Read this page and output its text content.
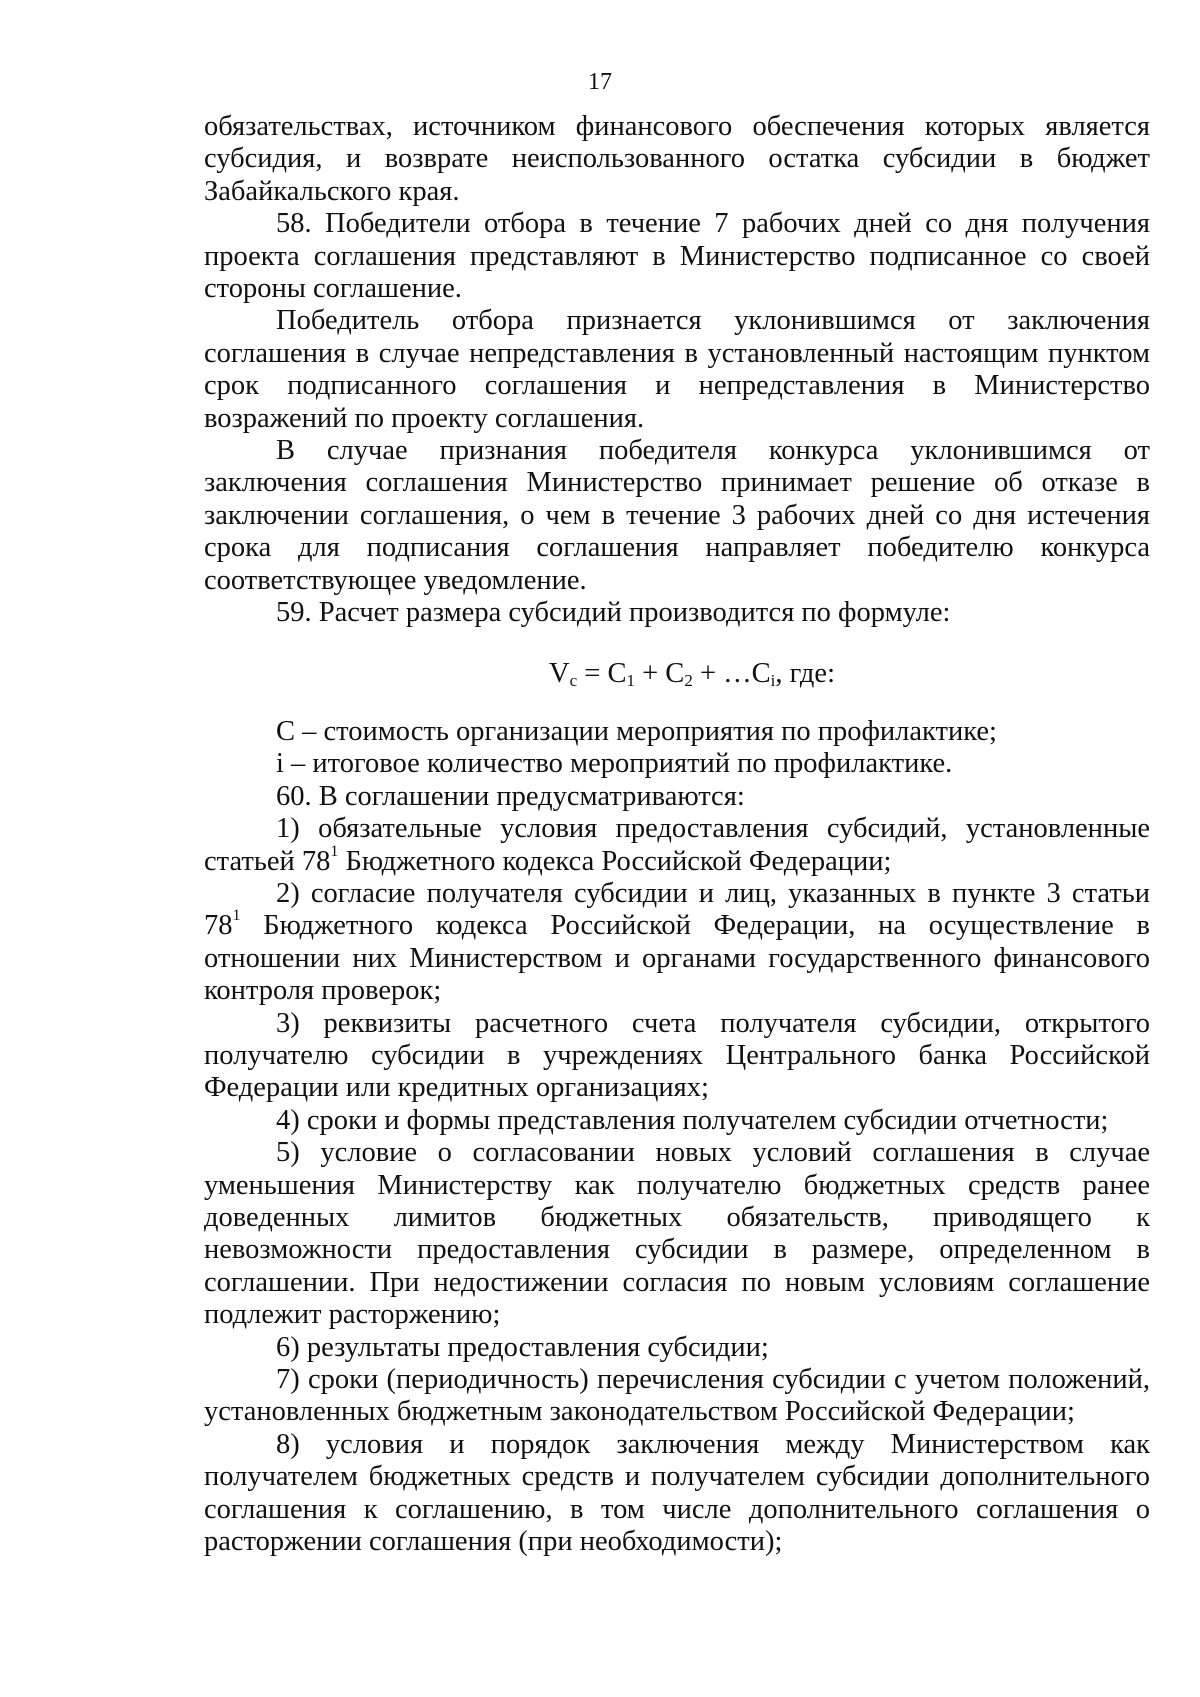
17

обязательствах, источником финансового обеспечения которых является субсидия, и возврате неиспользованного остатка субсидии в бюджет Забайкальского края.

58. Победители отбора в течение 7 рабочих дней со дня получения проекта соглашения представляют в Министерство подписанное со своей стороны соглашение.

Победитель отбора признается уклонившимся от заключения соглашения в случае непредставления в установленный настоящим пунктом срок подписанного соглашения и непредставления в Министерство возражений по проекту соглашения.

В случае признания победителя конкурса уклонившимся от заключения соглашения Министерство принимает решение об отказе в заключении соглашения, о чем в течение 3 рабочих дней со дня истечения срока для подписания соглашения направляет победителю конкурса соответствующее уведомление.

59. Расчет размера субсидий производится по формуле:

$V_c = С_1 + С_2$ + $\dots С_i$, где:

С – стоимость организации мероприятия по профилактике;

i – итоговое количество мероприятий по профилактике.

60. В соглашении предусматриваются:

1) обязательные условия предоставления субсидий, установленные статьей 78$^1$ Бюджетного кодекса Российской Федерации;

2) согласие получателя субсидии и лиц, указанных в пункте 3 статьи 78$^1$ Бюджетного кодекса Российской Федерации, на осуществление в отношении них Министерством и органами государственного финансового контроля проверок;

3) реквизиты расчетного счета получателя субсидии, открытого получателю субсидии в учреждениях Центрального банка Российской Федерации или кредитных организациях;

4) сроки и формы представления получателем субсидии отчетности;

5) условие о согласовании новых условий соглашения в случае уменьшения Министерству как получателю бюджетных средств ранее доведенных лимитов бюджетных обязательств, приводящего к невозможности предоставления субсидии в размере, определенном в соглашении. При недостижении согласия по новым условиям соглашение подлежит расторжению;

6) результаты предоставления субсидии;

7) сроки (периодичность) перечисления субсидии с учетом положений, установленных бюджетным законодательством Российской Федерации;

8) условия и порядок заключения между Министерством как получателем бюджетных средств и получателем субсидии дополнительного соглашения к соглашению, в том числе дополнительного соглашения о расторжении соглашения (при необходимости);
